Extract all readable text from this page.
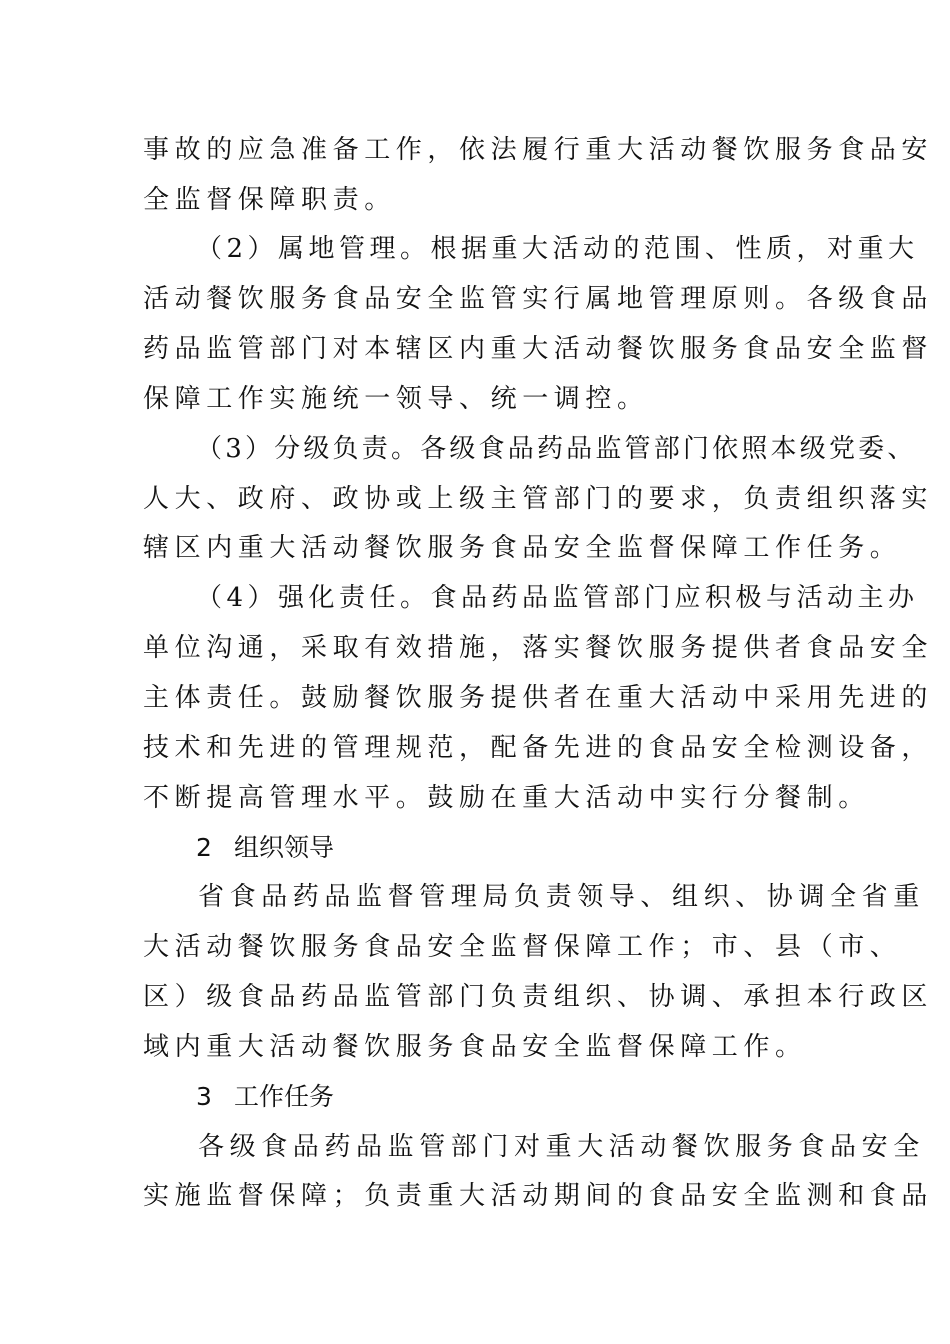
事故的应急准备工作，依法履行重大活动餐饮服务食品安
全监督保障职责。
（2）属地管理。根据重大活动的范围、性质，对重大
活动餐饮服务食品安全监管实行属地管理原则。各级食品
药品监管部门对本辖区内重大活动餐饮服务食品安全监督
保障工作实施统一领导、统一调控。
（3）分级负责。各级食品药品监管部门依照本级党委、
人大、政府、政协或上级主管部门的要求，负责组织落实
辖区内重大活动餐饮服务食品安全监督保障工作任务。
（4）强化责任。食品药品监管部门应积极与活动主办
单位沟通，采取有效措施，落实餐饮服务提供者食品安全
主体责任。鼓励餐饮服务提供者在重大活动中采用先进的
技术和先进的管理规范，配备先进的食品安全检测设备，
不断提高管理水平。鼓励在重大活动中实行分餐制。
2 组织领导
省食品药品监督管理局负责领导、组织、协调全省重
大活动餐饮服务食品安全监督保障工作；市、县（市、
区）级食品药品监管部门负责组织、协调、承担本行政区
域内重大活动餐饮服务食品安全监督保障工作。
3 工作任务
各级食品药品监管部门对重大活动餐饮服务食品安全
实施监督保障；负责重大活动期间的食品安全监测和食品
